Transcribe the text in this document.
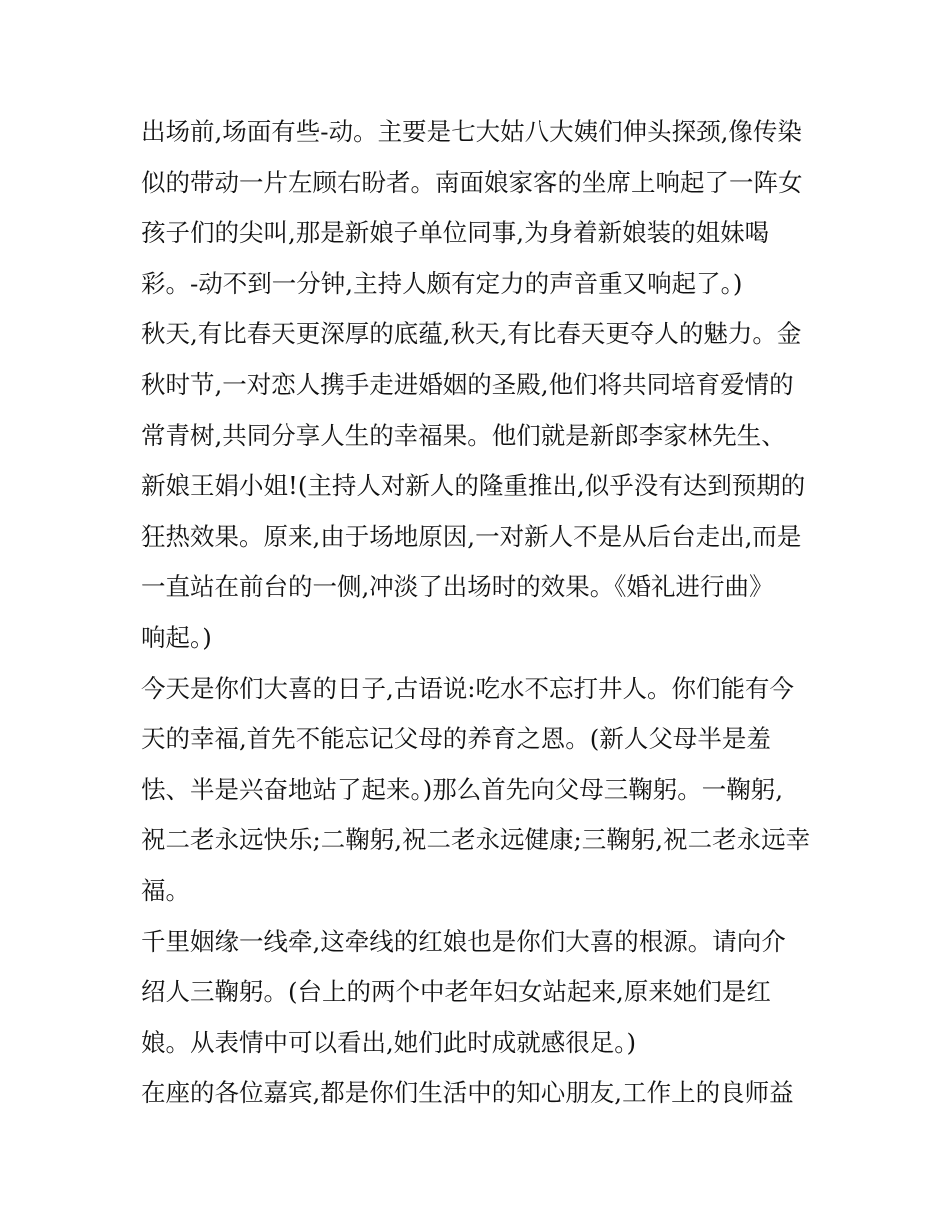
出场前,场面有些-动。主要是七大姑八大姨们伸头探颈,像传染
似的带动一片左顾右盼者。南面娘家客的坐席上响起了一阵女
孩子们的尖叫,那是新娘子单位同事,为身着新娘装的姐妹喝
彩。-动不到一分钟,主持人颇有定力的声音重又响起了。)
秋天,有比春天更深厚的底蕴,秋天,有比春天更夺人的魅力。金
秋时节,一对恋人携手走进婚姻的圣殿,他们将共同培育爱情的
常青树,共同分享人生的幸福果。他们就是新郎李家林先生、
新娘王娟小姐!(主持人对新人的隆重推出,似乎没有达到预期的
狂热效果。原来,由于场地原因,一对新人不是从后台走出,而是
一直站在前台的一侧,冲淡了出场时的效果。《婚礼进行曲》
响起。)
今天是你们大喜的日子,古语说:吃水不忘打井人。你们能有今
天的幸福,首先不能忘记父母的养育之恩。(新人父母半是羞
怯、半是兴奋地站了起来。)那么首先向父母三鞠躬。一鞠躬,
祝二老永远快乐;二鞠躬,祝二老永远健康;三鞠躬,祝二老永远幸
福。
千里姻缘一线牵,这牵线的红娘也是你们大喜的根源。请向介
绍人三鞠躬。(台上的两个中老年妇女站起来,原来她们是红
娘。从表情中可以看出,她们此时成就感很足。)
在座的各位嘉宾,都是你们生活中的知心朋友,工作上的良师益
